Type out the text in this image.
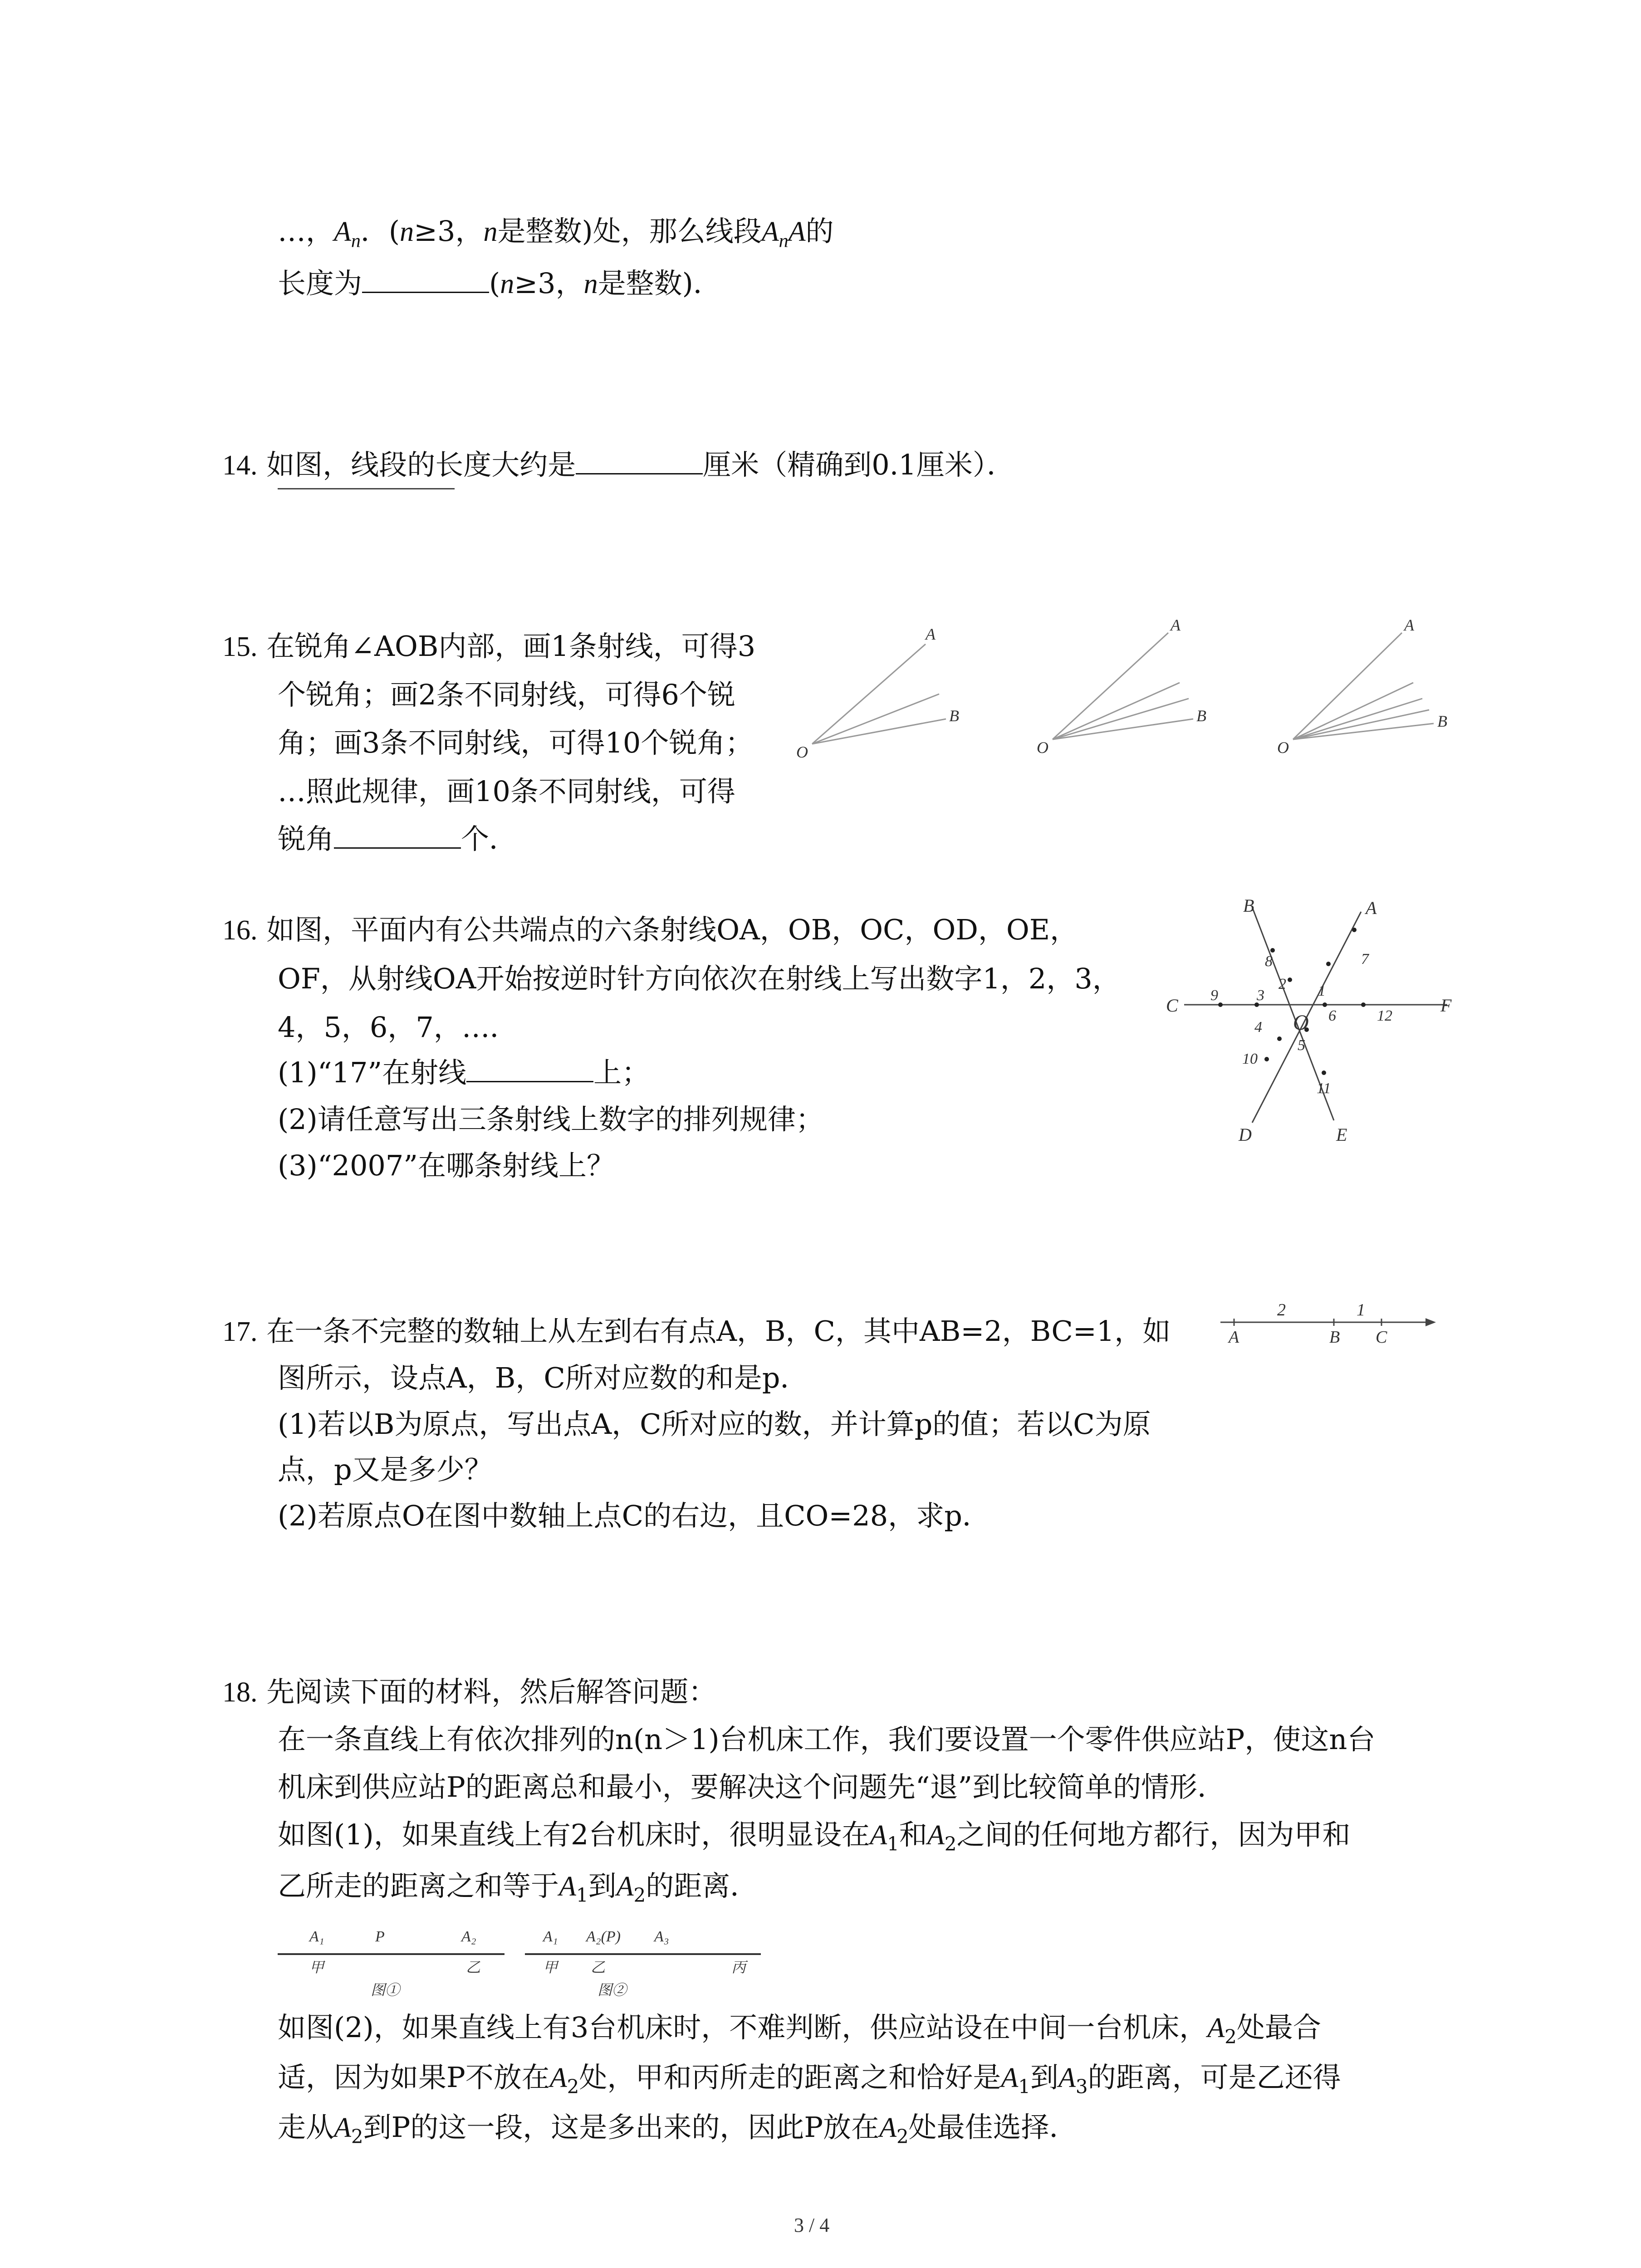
…，$A_n$．(n≥3，n是整数)处，那么线段$A_nA$的
长度为	(n≥3，n是整数)．
14. 如图，线段的长度大约是	厘米（精确到0.1厘米）．
15. 在锐角∠AOB内部，画1条射线，可得3
个锐角；画2条不同射线，可得6个锐
角；画3条不同射线，可得10个锐角；
…照此规律，画10条不同射线，可得
锐角	个．
A
B
O
A
B
O
A
B
O
16. 如图，平面内有公共端点的六条射线OA，OB，OC，OD，OE，
OF，从射线OA开始按逆时针方向依次在射线上写出数字1，2，3，
4，5，6，7，…．
(1)“17”在射线	上；
(2)请任意写出三条射线上数字的排列规律；
(3)“2007”在哪条射线上？
A
B
C
D	E
F
O
1
2
3
4
5
6
7
8
9
10
11
12
17. 在一条不完整的数轴上从左到右有点A，B，C，其中AB=2，BC=1，如
图所示，设点A，B，C所对应数的和是p．
(1)若以B为原点，写出点A，C所对应的数，并计算p的值；若以C为原
点，p又是多少？
(2)若原点O在图中数轴上点C的右边，且CO=28，求p．
2	1
A	B C
18. 先阅读下面的材料，然后解答问题：
在一条直线上有依次排列的n(n＞1)台机床工作，我们要设置一个零件供应站P，使这n台
机床到供应站P的距离总和最小，要解决这个问题先“退”到比较简单的情形．
如图(1)，如果直线上有2台机床时，很明显设在$A_1$和$A_2$之间的任何地方都行，因为甲和
乙所走的距离之和等于$A_1$到$A_2$的距离．
A₁	P	A₂
甲	乙
图①
A₁ A₂(P) A₃
甲 乙	丙
图②
如图(2)，如果直线上有3台机床时，不难判断，供应站设在中间一台机床，$A_2$处最合
适，因为如果P不放在$A_2$处，甲和丙所走的距离之和恰好是$A_1$到$A_3$的距离，可是乙还得
走从$A_2$到P的这一段，这是多出来的，因此P放在$A_2$处最佳选择．
3 / 4
